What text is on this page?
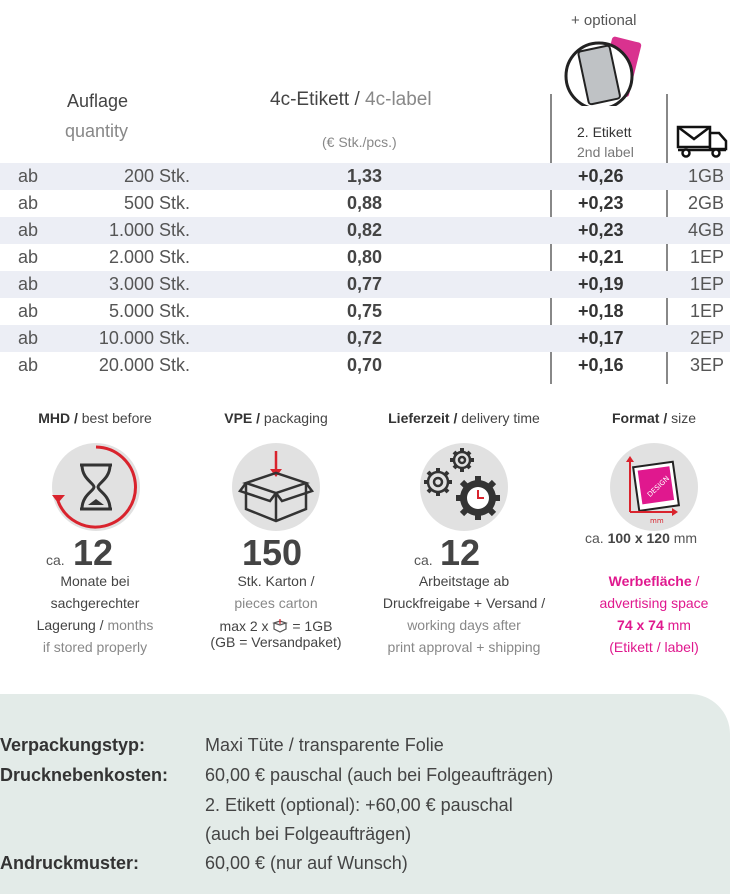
+ optional
Auflage
quantity
4c-Etikett / 4c-label
(€ Stk./pcs.)
2. Etikett
2nd label
ab	200 Stk.	1,33	+0,26	1GB
ab	500 Stk.	0,88	+0,23	2GB
ab	1.000 Stk.	0,82	+0,23	4GB
ab	2.000 Stk.	0,80	+0,21	1EP
ab	3.000 Stk.	0,77	+0,19	1EP
ab	5.000 Stk.	0,75	+0,18	1EP
ab	10.000 Stk.	0,72	+0,17	2EP
ab	20.000 Stk.	0,70	+0,16	3EP
MHD / best before
ca. 12
Monate bei
sachgerechter
Lagerung / months
if stored properly
VPE / packaging
150
Stk. Karton /
pieces carton
max 2 x = 1GB
(GB = Versandpaket)
Lieferzeit / delivery time
ca. 12
Arbeitstage ab
Druckfreigabe + Versand /
working days after
print approval + shipping
Format / size
DESIGN
mm
ca. 100 x 120 mm
Werbefläche /
advertising space
74 x 74 mm
(Etikett / label)
Verpackungstyp:	Maxi Tüte / transparente Folie
Drucknebenkosten: 60,00 € pauschal (auch bei Folgeaufträgen)
2. Etikett (optional): +60,00 € pauschal
(auch bei Folgeaufträgen)
Andruckmuster:	60,00 € (nur auf Wunsch)
